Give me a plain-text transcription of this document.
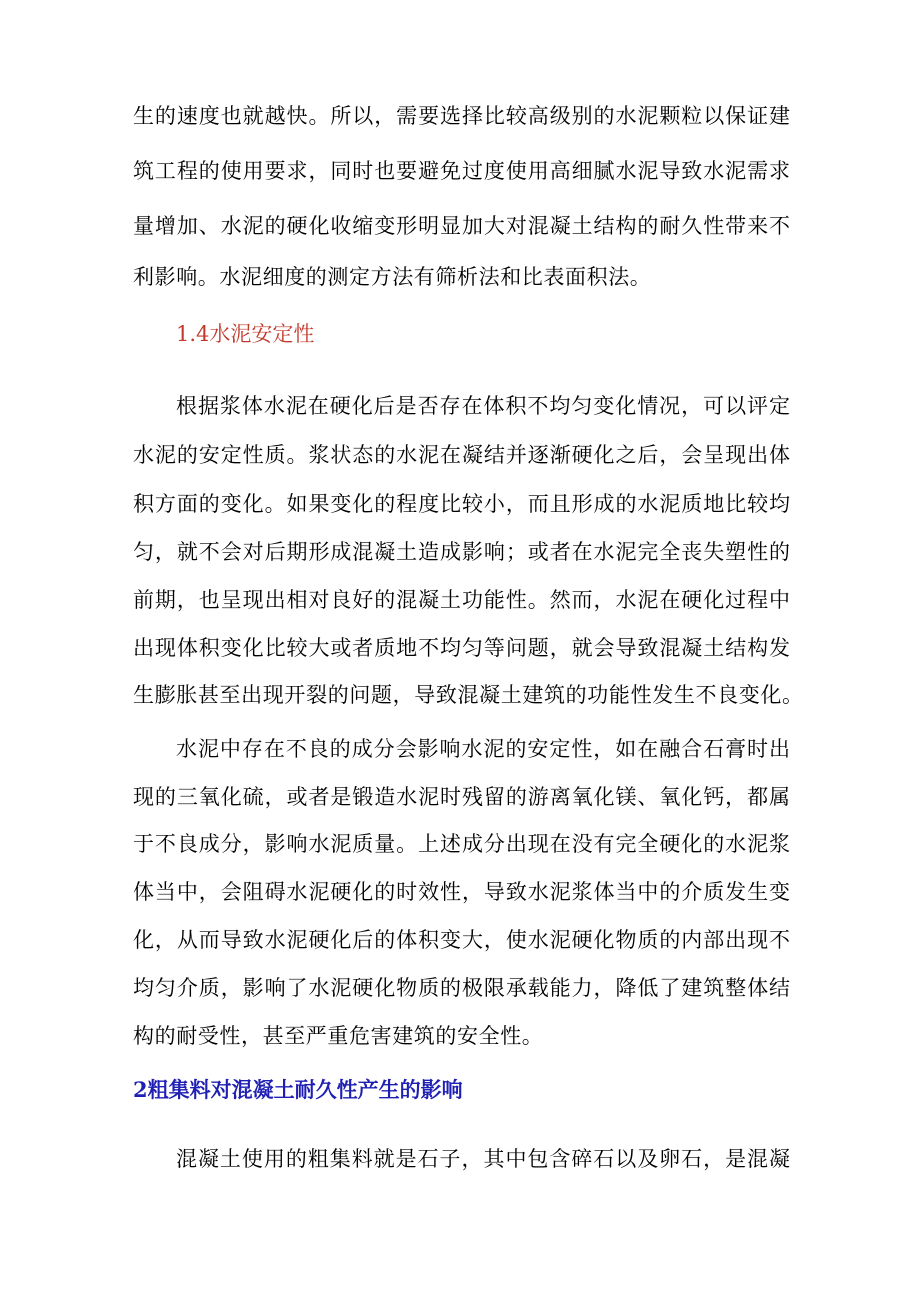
生的速度也就越快。所以，需要选择比较高级别的水泥颗粒以保证建
筑工程的使用要求，同时也要避免过度使用高细腻水泥导致水泥需求
量增加、水泥的硬化收缩变形明显加大对混凝土结构的耐久性带来不
利影响。水泥细度的测定方法有筛析法和比表面积法。
1.4水泥安定性
根据浆体水泥在硬化后是否存在体积不均匀变化情况，可以评定
水泥的安定性质。浆状态的水泥在凝结并逐渐硬化之后，会呈现出体
积方面的变化。如果变化的程度比较小，而且形成的水泥质地比较均
匀，就不会对后期形成混凝土造成影响；或者在水泥完全丧失塑性的
前期，也呈现出相对良好的混凝土功能性。然而，水泥在硬化过程中
出现体积变化比较大或者质地不均匀等问题，就会导致混凝土结构发
生膨胀甚至出现开裂的问题，导致混凝土建筑的功能性发生不良变化。
水泥中存在不良的成分会影响水泥的安定性，如在融合石膏时出
现的三氧化硫，或者是锻造水泥时残留的游离氧化镁、氧化钙，都属
于不良成分，影响水泥质量。上述成分出现在没有完全硬化的水泥浆
体当中，会阻碍水泥硬化的时效性，导致水泥浆体当中的介质发生变
化，从而导致水泥硬化后的体积变大，使水泥硬化物质的内部出现不
均匀介质，影响了水泥硬化物质的极限承载能力，降低了建筑整体结
构的耐受性，甚至严重危害建筑的安全性。
2粗集料对混凝土耐久性产生的影响
混凝土使用的粗集料就是石子，其中包含碎石以及卵石，是混凝
